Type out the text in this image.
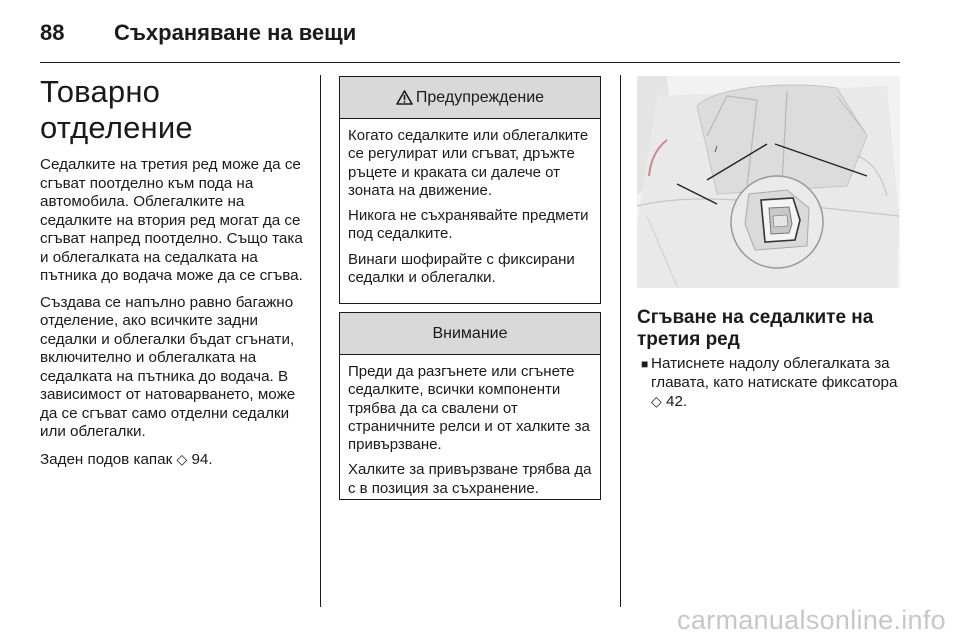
88	Съхраняване на вещи
Товарно отделение

Седалките на третия ред може да се сгъват поотделно към пода на автомобила. Облегалките на седалките на втория ред могат да се сгъват напред поотделно. Също така и облегалката на седалката на пътника до водача може да се сгъва.

Създава се напълно равно багажно отделение, ако всичките задни седалки и облегалки бъдат сгънати, включително и облегалката на седалката на пътника до водача. В зависимост от натоварването, може да се сгъват само отделни седалки или облегалки.

Заден подов капак ◇ 94.

Предупреждение

Когато седалките или облегалките се регулират или сгъват, дръжте ръцете и краката си далече от зоната на движение.

Никога не съхранявайте предмети под седалките.

Винаги шофирайте с фиксирани седалки и облегалки.

Внимание

Преди да разгънете или сгънете седалките, всички компоненти трябва да са свалени от страничните релси и от халките за привързване.

Халките за привързване трябва да с в позиция за съхранение.

Сгъване на седалките на третия ред
■ Натиснете надолу облегалката за главата, като натискате фиксатора ◇ 42.
carmanualsonline.info
